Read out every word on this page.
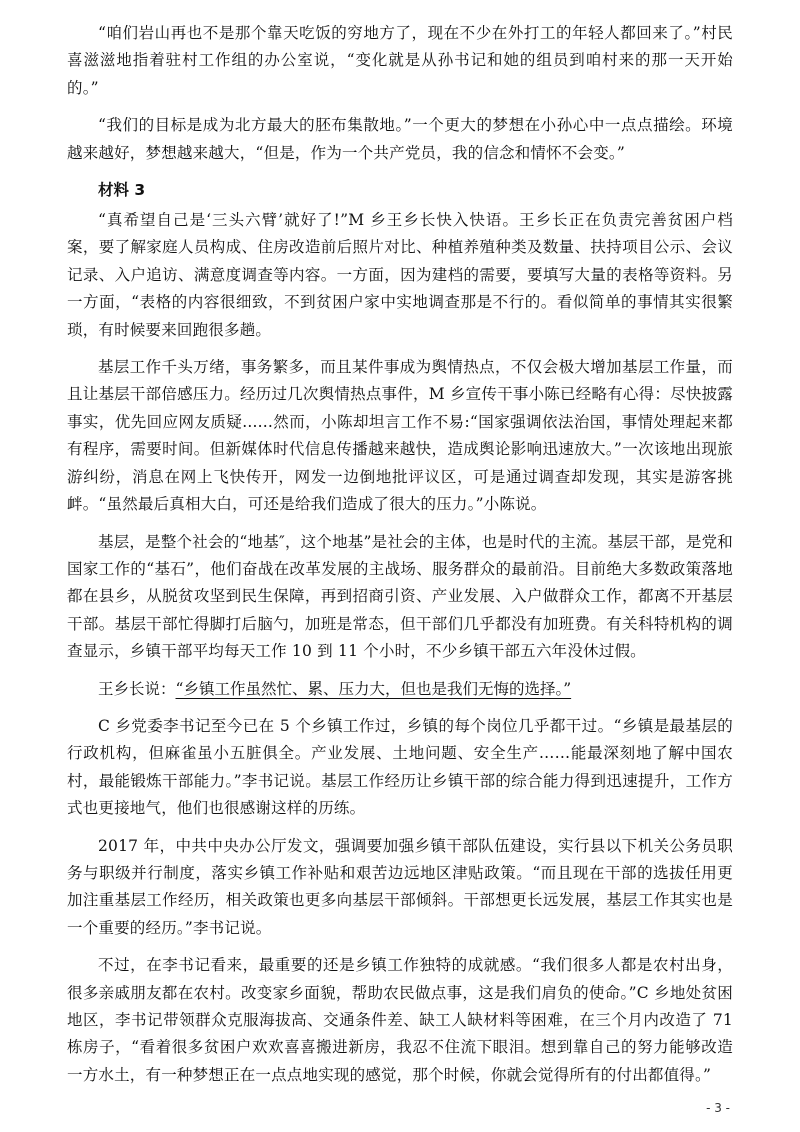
“咱们岩山再也不是那个靠天吃饭的穷地方了，现在不少在外打工的年轻人都回来了。”村民喜滋滋地指着驻村工作组的办公室说，“变化就是从孙书记和她的组员到咱村来的那一天开始的。”

“我们的目标是成为北方最大的胚布集散地。”一个更大的梦想在小孙心中一点点描绘。环境越来越好，梦想越来越大，“但是，作为一个共产党员，我的信念和情怀不会变。”

材料 3

“真希望自己是‘三头六臂’就好了!”M 乡王乡长快入快语。王乡长正在负责完善贫困户档案，要了解家庭人员构成、住房改造前后照片对比、种植养殖种类及数量、扶持项目公示、会议记录、入户追访、满意度调查等内容。一方面，因为建档的需要，要填写大量的表格等资料。另一方面，“表格的内容很细致，不到贫困户家中实地调查那是不行的。看似简单的事情其实很繁琐，有时候要来回跑很多趟。

基层工作千头万绪，事务繁多，而且某件事成为舆情热点，不仅会极大增加基层工作量，而且让基层干部倍感压力。经历过几次舆情热点事件，M 乡宣传干事小陈已经略有心得：尽快披露事实，优先回应网友质疑......然而，小陈却坦言工作不易:“国家强调依法治国，事情处理起来都有程序，需要时间。但新媒体时代信息传播越来越快，造成舆论影响迅速放大。”一次该地出现旅游纠纷，消息在网上飞快传开，网发一边倒地批评议区，可是通过调查却发现，其实是游客挑衅。“虽然最后真相大白，可还是给我们造成了很大的压力。”小陈说。

基层，是整个社会的“地基″，这个地基”是社会的主体，也是时代的主流。基层干部，是党和国家工作的“基石”，他们奋战在改革发展的主战场、服务群众的最前沿。目前绝大多数政策落地都在县乡，从脱贫攻坚到民生保障，再到招商引资、产业发展、入户做群众工作，都离不开基层干部。基层干部忙得脚打后脑勺，加班是常态，但干部们几乎都没有加班费。有关科特机构的调查显示，乡镇干部平均每天工作 10 到 11 个小时，不少乡镇干部五六年没休过假。

王乡长说：“乡镇工作虽然忙、累、压力大，但也是我们无悔的选择。”

C 乡党委李书记至今已在 5 个乡镇工作过，乡镇的每个岗位几乎都干过。“乡镇是最基层的行政机构，但麻雀虽小五脏俱全。产业发展、土地问题、安全生产……能最深刻地了解中国农村，最能锻炼干部能力。”李书记说。基层工作经历让乡镇干部的综合能力得到迅速提升，工作方式也更接地气，他们也很感谢这样的历练。

2017 年，中共中央办公厅发文，强调要加强乡镇干部队伍建设，实行县以下机关公务员职务与职级并行制度，落实乡镇工作补贴和艰苦边远地区津贴政策。“而且现在干部的选拔任用更加注重基层工作经历，相关政策也更多向基层干部倾斜。干部想更长远发展，基层工作其实也是一个重要的经历。”李书记说。

不过，在李书记看来，最重要的还是乡镇工作独特的成就感。“我们很多人都是农村出身，很多亲戚朋友都在农村。改变家乡面貌，帮助农民做点事，这是我们肩负的使命。”C 乡地处贫困地区，李书记带领群众克服海拔高、交通条件差、缺工人缺材料等困难，在三个月内改造了 71 栋房子，“看着很多贫困户欢欢喜喜搬进新房，我忍不住流下眼泪。想到靠自己的努力能够改造一方水土，有一种梦想正在一点点地实现的感觉，那个时候，你就会觉得所有的付出都值得。”

- 3 -
